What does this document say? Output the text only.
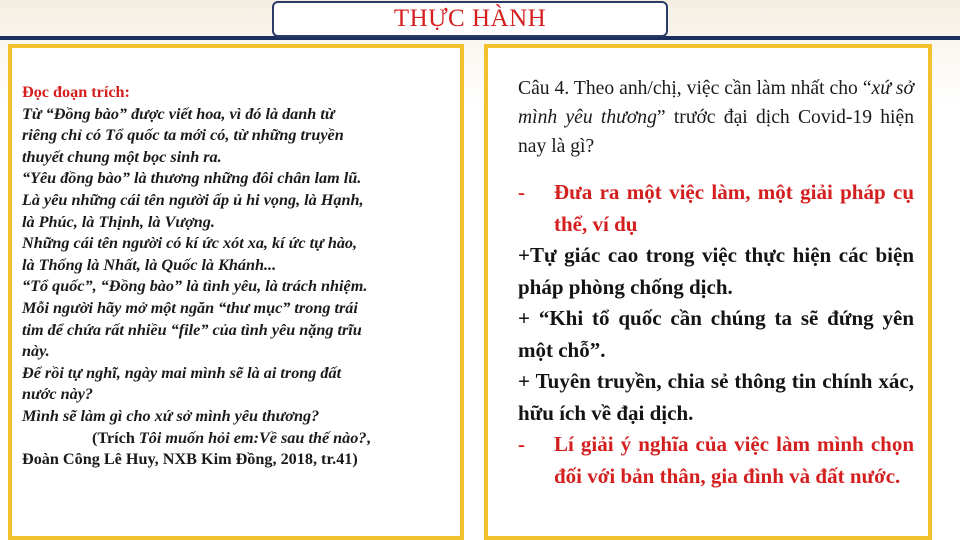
THỰC HÀNH

Đọc đoạn trích:

Từ “Đồng bào” được viết hoa, vì đó là danh từ

riêng chỉ có Tổ quốc ta mới có, từ những truyền

thuyết chung một bọc sinh ra.

“Yêu đồng bào” là thương những đôi chân lam lũ.

Là yêu những cái tên người ấp ủ hi vọng, là Hạnh,

là Phúc, là Thịnh, là Vượng.

Những cái tên người có kí ức xót xa, kí ức tự hào,

là Thống là Nhất, là Quốc là Khánh...

“Tổ quốc”, “Đồng bào” là tình yêu, là trách nhiệm.

Mỗi người hãy mở một ngăn “thư mục” trong trái

tim để chứa rất nhiều “file” của tình yêu nặng trĩu

này.

Để rồi tự nghĩ, ngày mai mình sẽ là ai trong đất

nước này?

Mình sẽ làm gì cho xứ sở mình yêu thương?

(Trích Tôi muốn hỏi em:Về sau thế nào?,

Đoàn Công Lê Huy, NXB Kim Đồng, 2018, tr.41)

Câu 4. Theo anh/chị, việc cần làm nhất cho “xứ sở mình yêu thương” trước đại dịch Covid-19 hiện nay là gì?

-	Đưa ra một việc làm, một giải pháp cụ thể, ví dụ

+Tự giác cao trong việc thực hiện các biện pháp phòng chống dịch.

+ “Khi tổ quốc cần chúng ta sẽ đứng yên một chỗ”.

+ Tuyên truyền, chia sẻ thông tin chính xác, hữu ích về đại dịch.

-	Lí giải ý nghĩa của việc làm mình chọn đối với bản thân, gia đình và đất nước.
